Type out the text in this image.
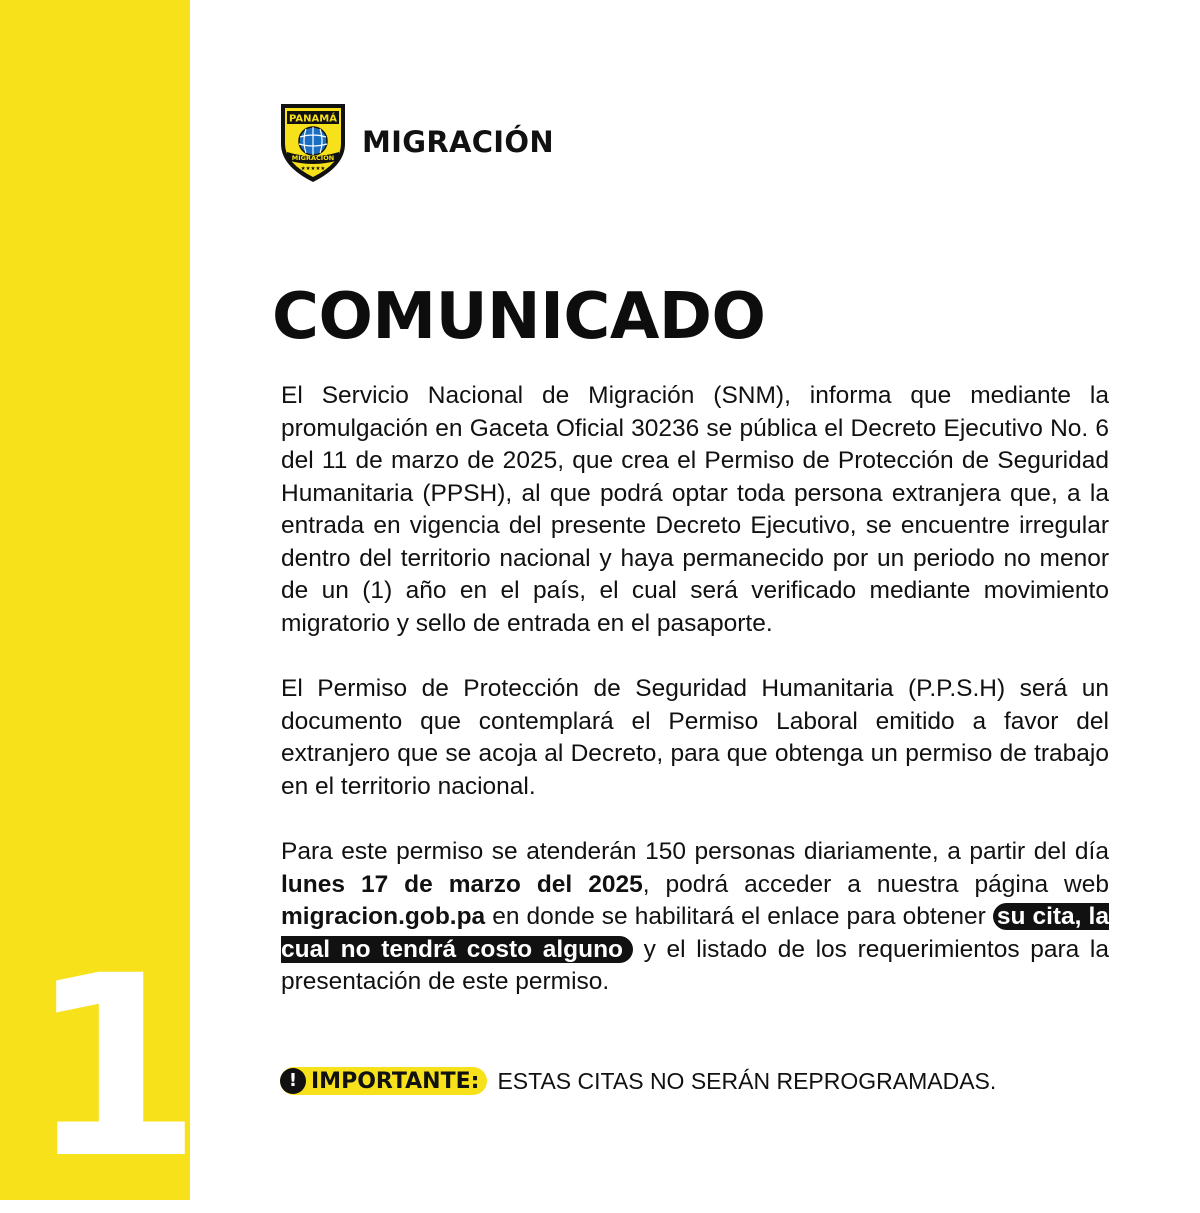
1
PANAMÁ
MIGRACIÓN
★★★★★
MIGRACIÓN
COMUNICADO

El Servicio Nacional de Migración (SNM), informa que mediante la promulgación en Gaceta Oficial 30236 se pública el Decreto Ejecutivo No. 6 del 11 de marzo de 2025, que crea el Permiso de Protección de Seguridad Humanitaria (PPSH), al que podrá optar toda persona extranjera que, a la entrada en vigencia del presente Decreto Ejecutivo, se encuentre irregular dentro del territorio nacional y haya permanecido por un periodo no menor de un (1) año en el país, el cual será verificado mediante movimiento migratorio y sello de entrada en el pasaporte.

El Permiso de Protección de Seguridad Humanitaria (P.P.S.H) será un documento que contemplará el Permiso Laboral emitido a favor del extranjero que se acoja al Decreto, para que obtenga un permiso de trabajo en el territorio nacional.

Para este permiso se atenderán 150 personas diariamente, a partir del día lunes 17 de marzo del 2025, podrá acceder a nuestra página web migracion.gob.pa en donde se habilitará el enlace para obtener su cita, la cual no tendrá costo alguno y el listado de los requerimientos para la presentación de este permiso.

! IMPORTANTE: ESTAS CITAS NO SERÁN REPROGRAMADAS.
